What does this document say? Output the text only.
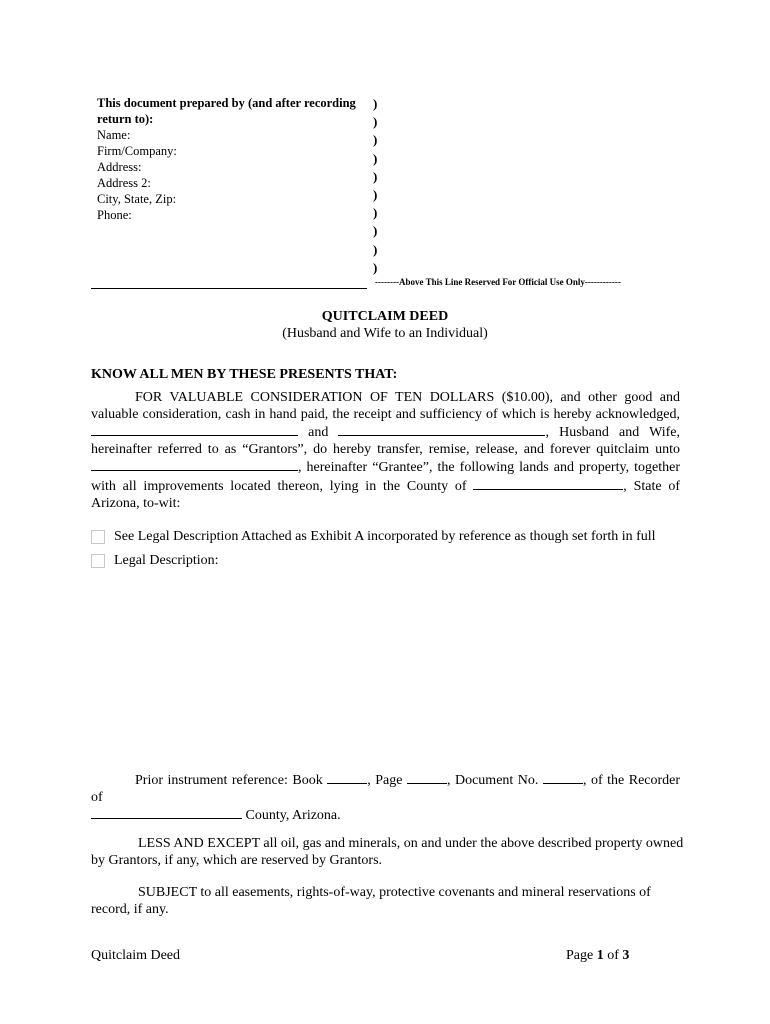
This document prepared by (and after recording
return to):
Name:
Firm/Company:
Address:
Address 2:
City, State, Zip:
Phone:
)
)
)
)
)
)
)
)
)
)
--------Above This Line Reserved For Official Use Only------------
QUITCLAIM DEED
(Husband and Wife to an Individual)
KNOW ALL MEN BY THESE PRESENTS THAT:
FOR VALUABLE CONSIDERATION OF TEN DOLLARS ($10.00), and other good and
valuable consideration, cash in hand paid, the receipt and sufficiency of which is hereby acknowledged,
and	, Husband and Wife,
hereinafter referred to as “Grantors”, do hereby transfer, remise, release, and forever quitclaim unto
, hereinafter “Grantee”, the following lands and property, together
with all improvements located thereon, lying in the County of	, State of
Arizona, to-wit:
See Legal Description Attached as Exhibit A incorporated by reference as though set forth in full
Legal Description:
Prior instrument reference: Book	, Page	, Document No.	, of the Recorder
of
County, Arizona.
LESS AND EXCEPT all oil, gas and minerals, on and under the above described property owned
by Grantors, if any, which are reserved by Grantors.
SUBJECT to all easements, rights-of-way, protective covenants and mineral reservations of
record, if any.
Quitclaim Deed	Page 1 of 3
